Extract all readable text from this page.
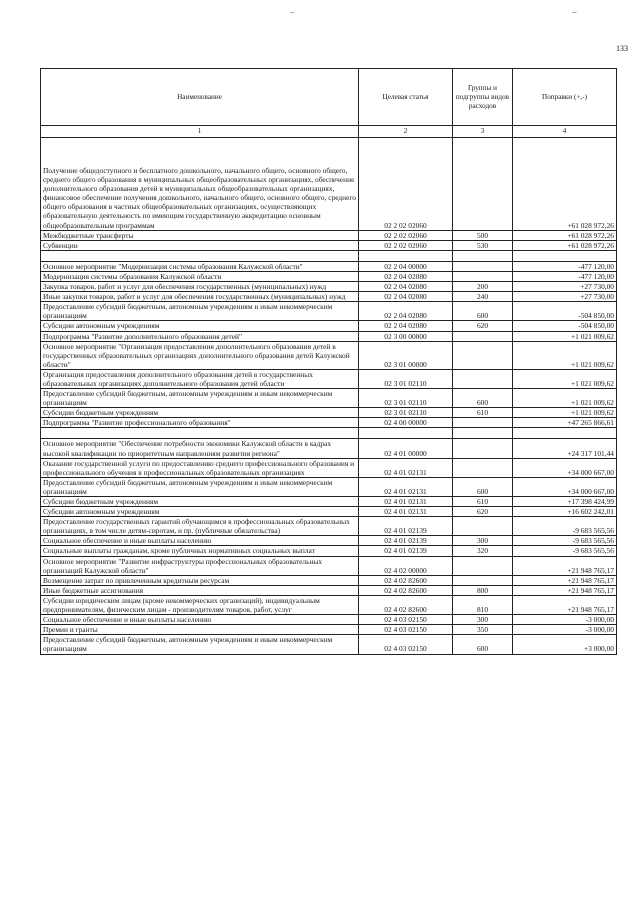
_	_
133
Наименование	Целевая статья	Группы и подгруппы видов расходов	Поправки (+,-)
1	2	3	4
Получение общедоступного и бесплатного дошкольного, начального общего, основного общего, среднего общего образования в муниципальных общеобразовательных организациях, обеспечение дополнительного образования детей в муниципальных общеобразовательных организациях, финансовое обеспечение получения дошкольного, начального общего, основного общего, среднего общего образования в частных общеобразовательных организациях, осуществляющих образовательную деятельность по имеющим государственную аккредитацию основным общеобразовательным программам	02 2 02 02060		+61 028 972,26
Межбюджетные трансферты	02 2 02 02060	500	+61 028 972,26
Субвенции	02 2 02 02060	530	+61 028 972,26

Основное мероприятие "Модернизация системы образования Калужской области"	02 2 04 00000		-477 120,00
Модернизация системы образования Калужской области	02 2 04 02080		-477 120,00
Закупка товаров, работ и услуг для обеспечения государственных (муниципальных) нужд	02 2 04 02080	200	+27 730,00
Иные закупки товаров, работ и услуг для обеспечения государственных (муниципальных) нужд	02 2 04 02080	240	+27 730,00
Предоставление субсидий бюджетным, автономным учреждениям и иным некоммерческим организациям	02 2 04 02080	600	-504 850,00
Субсидии автономным учреждениям	02 2 04 02080	620	-504 850,00
Подпрограмма "Развитие дополнительного образования детей"	02 3 00 00000		+1 021 009,62
Основное мероприятие "Организация предоставления дополнительного образования детей в государственных образовательных организациях дополнительного образования детей Калужской области"	02 3 01 00000		+1 021 009,62
Организация предоставления дополнительного образования детей в государственных образовательных организациях дополнительного образования детей области	02 3 01 02110		+1 021 009,62
Предоставление субсидий бюджетным, автономным учреждениям и иным некоммерческим организациям	02 3 01 02110	600	+1 021 009,62
Субсидии бюджетным учреждениям	02 3 01 02110	610	+1 021 009,62
Подпрограмма "Развитие профессионального образования"	02 4 00 00000		+47 265 866,61

Основное мероприятие "Обеспечение потребности экономики Калужской области в кадрах высокой квалификации по приоритетным направлениям развития региона"	02 4 01 00000		+24 317 101,44
Оказание государственной услуги по предоставлению среднего профессионального образования и профессионального обучения в профессиональных образовательных организациях	02 4 01 02131		+34 000 667,00
Предоставление субсидий бюджетным, автономным учреждениям и иным некоммерческим организациям	02 4 01 02131	600	+34 000 667,00
Субсидии бюджетным учреждениям	02 4 01 02131	610	+17 398 424,99
Субсидии автономным учреждениям	02 4 01 02131	620	+16 602 242,01
Предоставление государственных гарантий обучающимся в профессиональных образовательных организациях, в том числе детям-сиротам, и пр. (публичные обязательства)	02 4 01 02139		-9 683 565,56
Социальное обеспечение и иные выплаты населению	02 4 01 02139	300	-9 683 565,56
Социальные выплаты гражданам, кроме публичных нормативных социальных выплат	02 4 01 02139	320	-9 683 565,56
Основное мероприятие "Развитие инфраструктуры профессиональных образовательных организаций Калужской области"	02 4 02 00000		+21 948 765,17
Возмещение затрат по привлеченным кредитным ресурсам	02 4 02 82600		+21 948 765,17
Иные бюджетные ассигнования	02 4 02 82600	800	+21 948 765,17
Субсидии юридическим лицам (кроме некоммерческих организаций), индивидуальным предпринимателям, физическим лицам - производителям товаров, работ, услуг	02 4 02 82600	810	+21 948 765,17
Социальное обеспечение и иные выплаты населению	02 4 03 02150	300	-3 000,00
Премии и гранты	02 4 03 02150	350	-3 000,00
Предоставление субсидий бюджетным, автономным учреждениям и иным некоммерческим организациям	02 4 03 02150	600	+3 000,00
